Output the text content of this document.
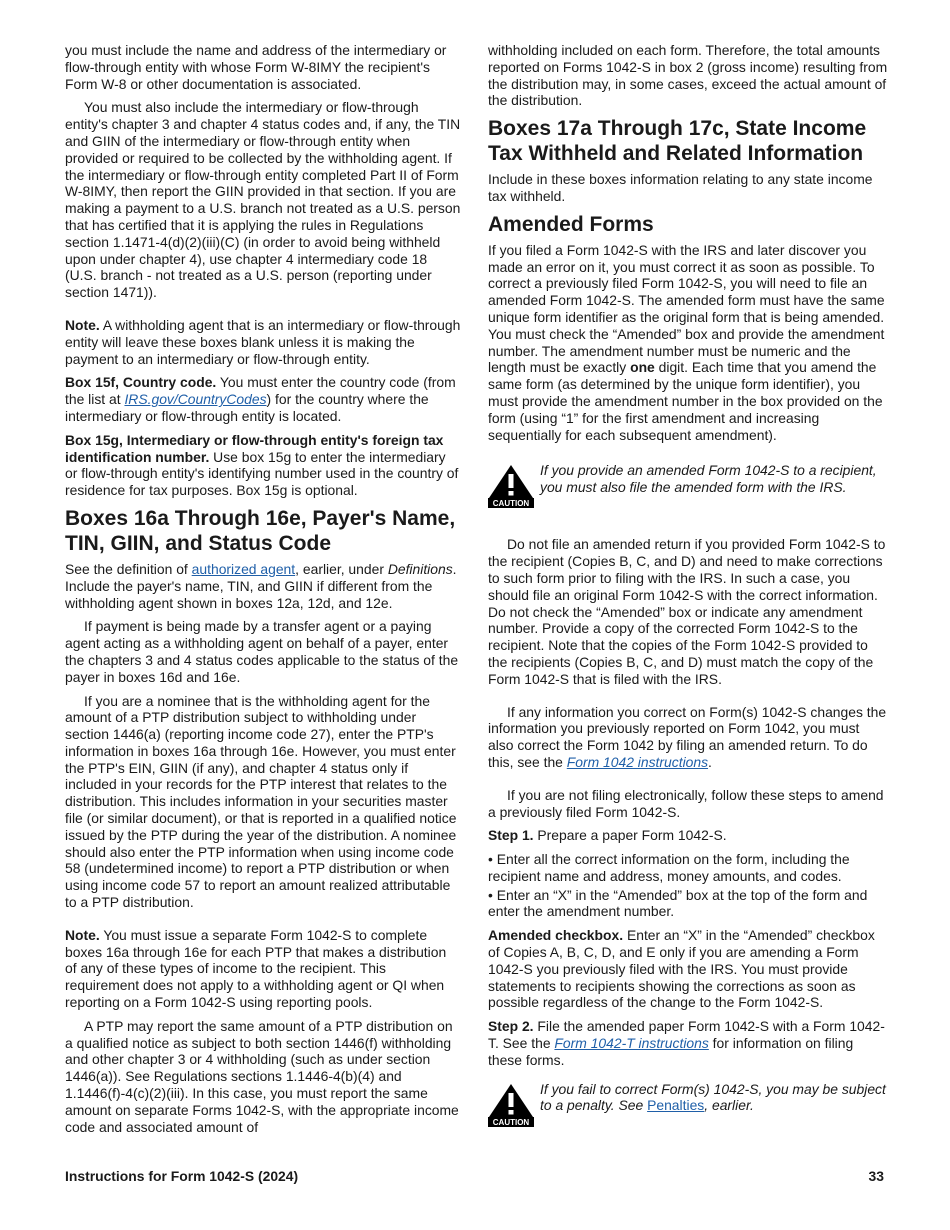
you must include the name and address of the intermediary or flow-through entity with whose Form W-8IMY the recipient's Form W-8 or other documentation is associated.

You must also include the intermediary or flow-through entity's chapter 3 and chapter 4 status codes and, if any, the TIN and GIIN of the intermediary or flow-through entity when provided or required to be collected by the withholding agent. If the intermediary or flow-through entity completed Part II of Form W-8IMY, then report the GIIN provided in that section. If you are making a payment to a U.S. branch not treated as a U.S. person that has certified that it is applying the rules in Regulations section 1.1471-4(d)(2)(iii)(C) (in order to avoid being withheld upon under chapter 4), use chapter 4 intermediary code 18 (U.S. branch - not treated as a U.S. person (reporting under section 1471)).

Note. A withholding agent that is an intermediary or flow-through entity will leave these boxes blank unless it is making the payment to an intermediary or flow-through entity.

Box 15f, Country code. You must enter the country code (from the list at IRS.gov/CountryCodes) for the country where the intermediary or flow-through entity is located.

Box 15g, Intermediary or flow-through entity's foreign tax identification number. Use box 15g to enter the intermediary or flow-through entity's identifying number used in the country of residence for tax purposes. Box 15g is optional.

Boxes 16a Through 16e, Payer's Name, TIN, GIIN, and Status Code

See the definition of authorized agent, earlier, under Definitions. Include the payer's name, TIN, and GIIN if different from the withholding agent shown in boxes 12a, 12d, and 12e.

If payment is being made by a transfer agent or a paying agent acting as a withholding agent on behalf of a payer, enter the chapters 3 and 4 status codes applicable to the status of the payer in boxes 16d and 16e.

If you are a nominee that is the withholding agent for the amount of a PTP distribution subject to withholding under section 1446(a) (reporting income code 27), enter the PTP's information in boxes 16a through 16e. However, you must enter the PTP's EIN, GIIN (if any), and chapter 4 status only if included in your records for the PTP interest that relates to the distribution. This includes information in your securities master file (or similar document), or that is reported in a qualified notice issued by the PTP during the year of the distribution. A nominee should also enter the PTP information when using income code 58 (undetermined income) to report a PTP distribution or when using income code 57 to report an amount realized attributable to a PTP distribution.

Note. You must issue a separate Form 1042-S to complete boxes 16a through 16e for each PTP that makes a distribution of any of these types of income to the recipient. This requirement does not apply to a withholding agent or QI when reporting on a Form 1042-S using reporting pools.

A PTP may report the same amount of a PTP distribution on a qualified notice as subject to both section 1446(f) withholding and other chapter 3 or 4 withholding (such as under section 1446(a)). See Regulations sections 1.1446-4(b)(4) and 1.1446(f)-4(c)(2)(iii). In this case, you must report the same amount on separate Forms 1042-S, with the appropriate income code and associated amount of

withholding included on each form. Therefore, the total amounts reported on Forms 1042-S in box 2 (gross income) resulting from the distribution may, in some cases, exceed the actual amount of the distribution.

Boxes 17a Through 17c, State Income Tax Withheld and Related Information

Include in these boxes information relating to any state income tax withheld.

Amended Forms

If you filed a Form 1042-S with the IRS and later discover you made an error on it, you must correct it as soon as possible. To correct a previously filed Form 1042-S, you will need to file an amended Form 1042-S. The amended form must have the same unique form identifier as the original form that is being amended. You must check the “Amended” box and provide the amendment number. The amendment number must be numeric and the length must be exactly one digit. Each time that you amend the same form (as determined by the unique form identifier), you must provide the amendment number in the box provided on the form (using “1” for the first amendment and increasing sequentially for each subsequent amendment).

CAUTION

If you provide an amended Form 1042-S to a recipient, you must also file the amended form with the IRS.

Do not file an amended return if you provided Form 1042-S to the recipient (Copies B, C, and D) and need to make corrections to such form prior to filing with the IRS. In such a case, you should file an original Form 1042-S with the correct information. Do not check the “Amended” box or indicate any amendment number. Provide a copy of the corrected Form 1042-S to the recipient. Note that the copies of the Form 1042-S provided to the recipients (Copies B, C, and D) must match the copy of the Form 1042-S that is filed with the IRS.

If any information you correct on Form(s) 1042-S changes the information you previously reported on Form 1042, you must also correct the Form 1042 by filing an amended return. To do this, see the Form 1042 instructions.

If you are not filing electronically, follow these steps to amend a previously filed Form 1042-S.

Step 1. Prepare a paper Form 1042-S.

• Enter all the correct information on the form, including the recipient name and address, money amounts, and codes.

• Enter an “X” in the “Amended” box at the top of the form and enter the amendment number.

Amended checkbox. Enter an “X” in the “Amended” checkbox of Copies A, B, C, D, and E only if you are amending a Form 1042-S you previously filed with the IRS. You must provide statements to recipients showing the corrections as soon as possible regardless of the change to the Form 1042-S.

Step 2. File the amended paper Form 1042-S with a Form 1042-T. See the Form 1042-T instructions for information on filing these forms.

CAUTION

If you fail to correct Form(s) 1042-S, you may be subject to a penalty. See Penalties, earlier.

Instructions for Form 1042-S (2024)	33
